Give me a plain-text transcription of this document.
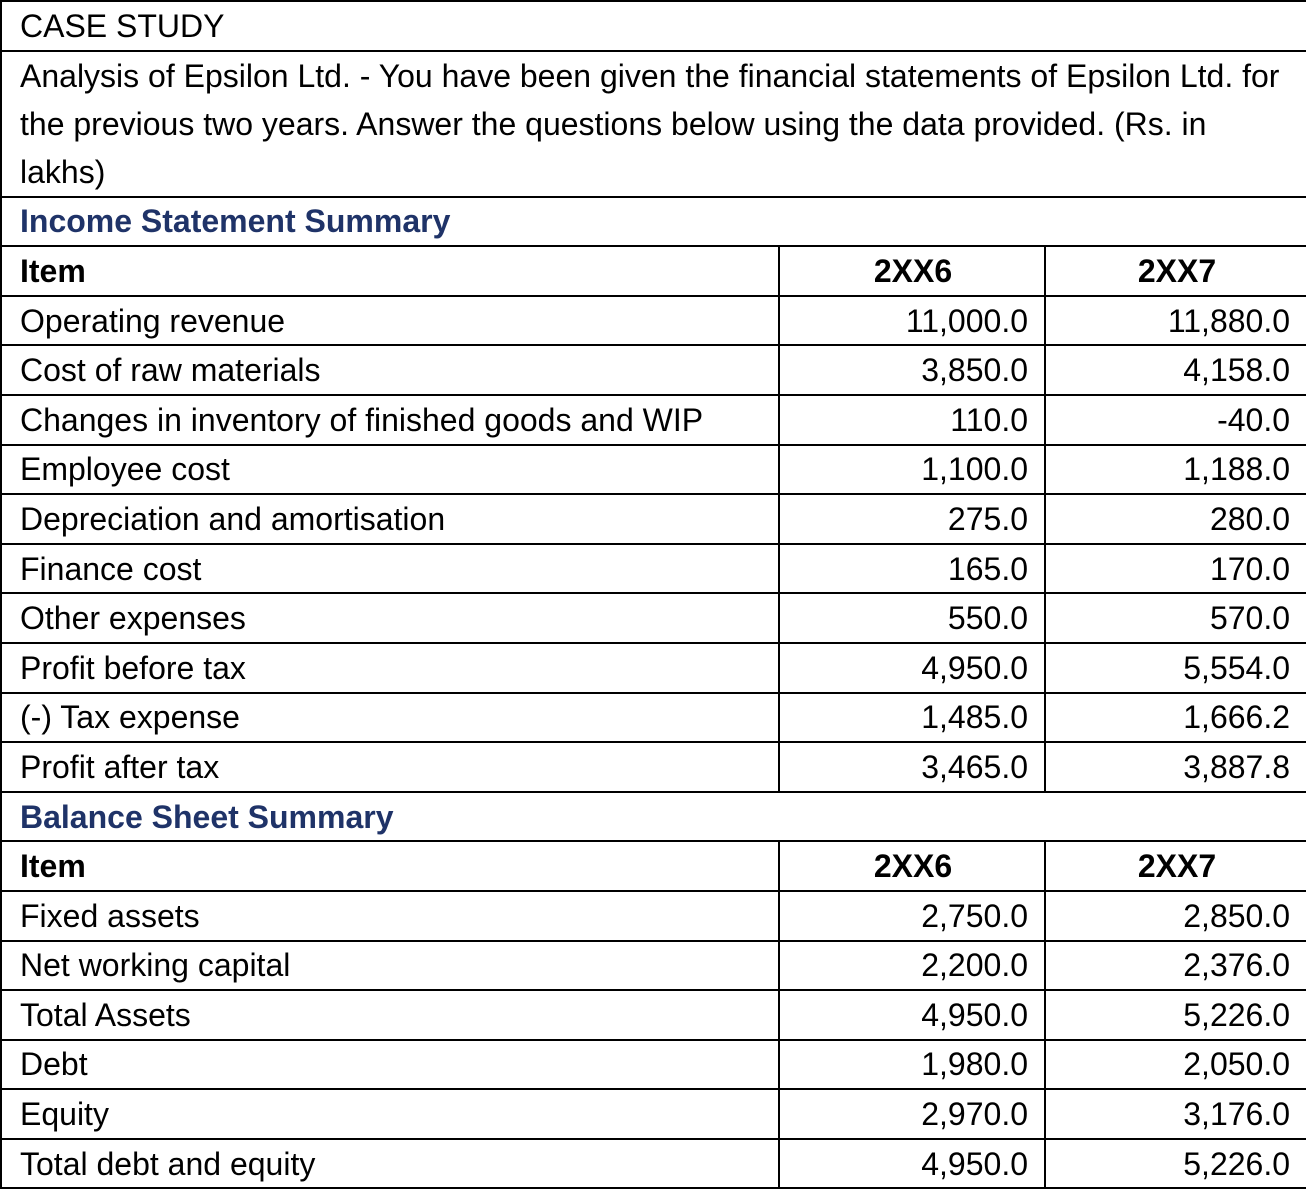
CASE STUDY		
Analysis of Epsilon Ltd. - You have been given the financial statements of Epsilon Ltd. for the previous two years. Answer the questions below using the data provided. (Rs. in lakhs)		
Income Statement Summary		
Item	2XX6	2XX7
Operating revenue	11,000.0	11,880.0
Cost of raw materials	3,850.0	4,158.0
Changes in inventory of finished goods and WIP	110.0	-40.0
Employee cost	1,100.0	1,188.0
Depreciation and amortisation	275.0	280.0
Finance cost	165.0	170.0
Other expenses	550.0	570.0
Profit before tax	4,950.0	5,554.0
(-) Tax expense	1,485.0	1,666.2
Profit after tax	3,465.0	3,887.8
Balance Sheet Summary		
Item	2XX6	2XX7
Fixed assets	2,750.0	2,850.0
Net working capital	2,200.0	2,376.0
Total Assets	4,950.0	5,226.0
Debt	1,980.0	2,050.0
Equity	2,970.0	3,176.0
Total debt and equity	4,950.0	5,226.0
